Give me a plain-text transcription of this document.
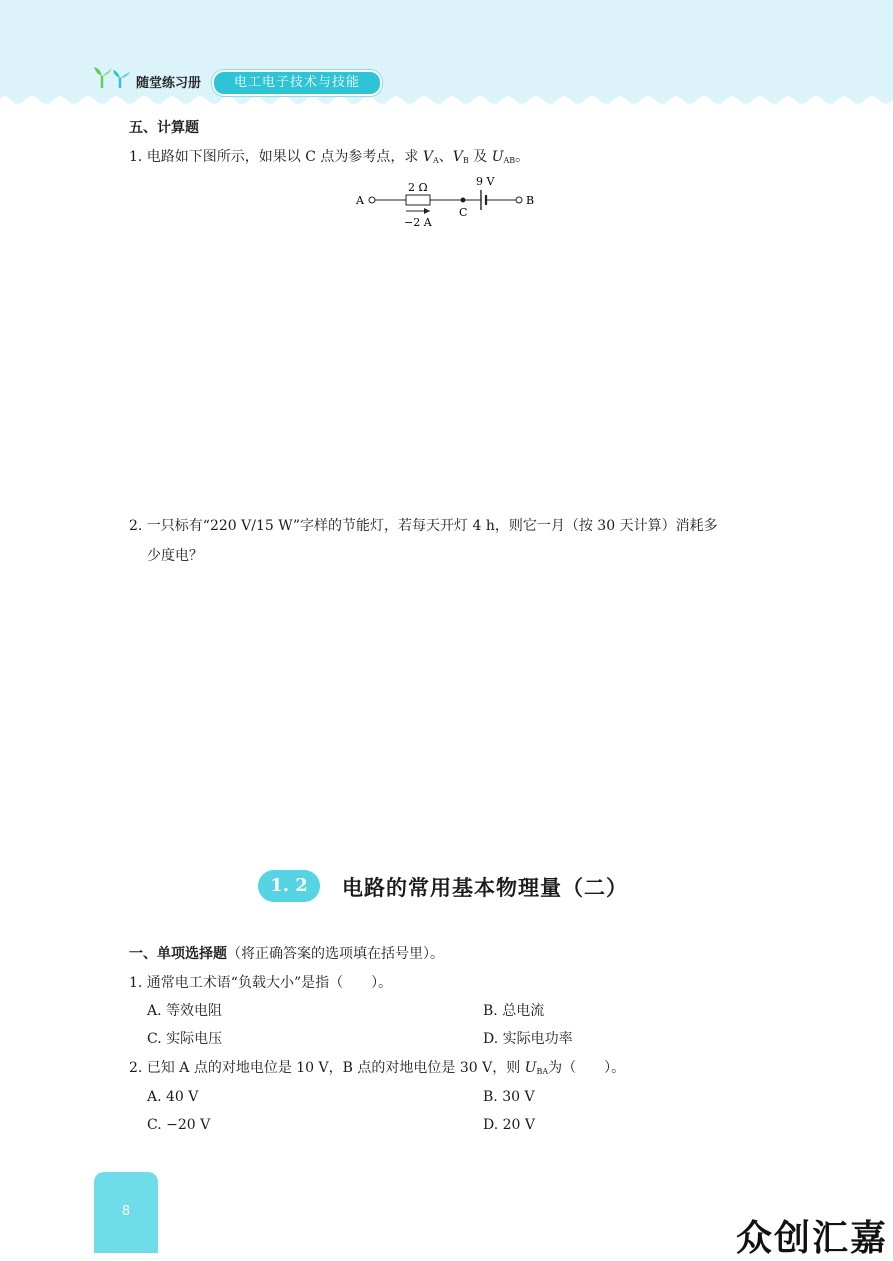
随堂练习册	电工电子技术与技能
五、计算题
1. 电路如下图所示，如果以 C 点为参考点，求 $V_A$、$V_B$ 及 $U_{AB}$。
A
2 Ω
−2 A
C
9 V
B
2. 一只标有“220 V/15 W”字样的节能灯，若每天开灯 4 h，则它一月（按 30 天计算）消耗多
少度电？
1. 2	电路的常用基本物理量（二）
一、单项选择题（将正确答案的选项填在括号里）。
1. 通常电工术语“负载大小”是指（　　）。
A. 等效电阻	B. 总电流
C. 实际电压	D. 实际电功率
2. 已知 A 点的对地电位是 10 V，B 点的对地电位是 30 V，则 $U_{BA}$为（　　）。
A. 40 V	B. 30 V
C. −20 V	D. 20 V
8
众创汇嘉
